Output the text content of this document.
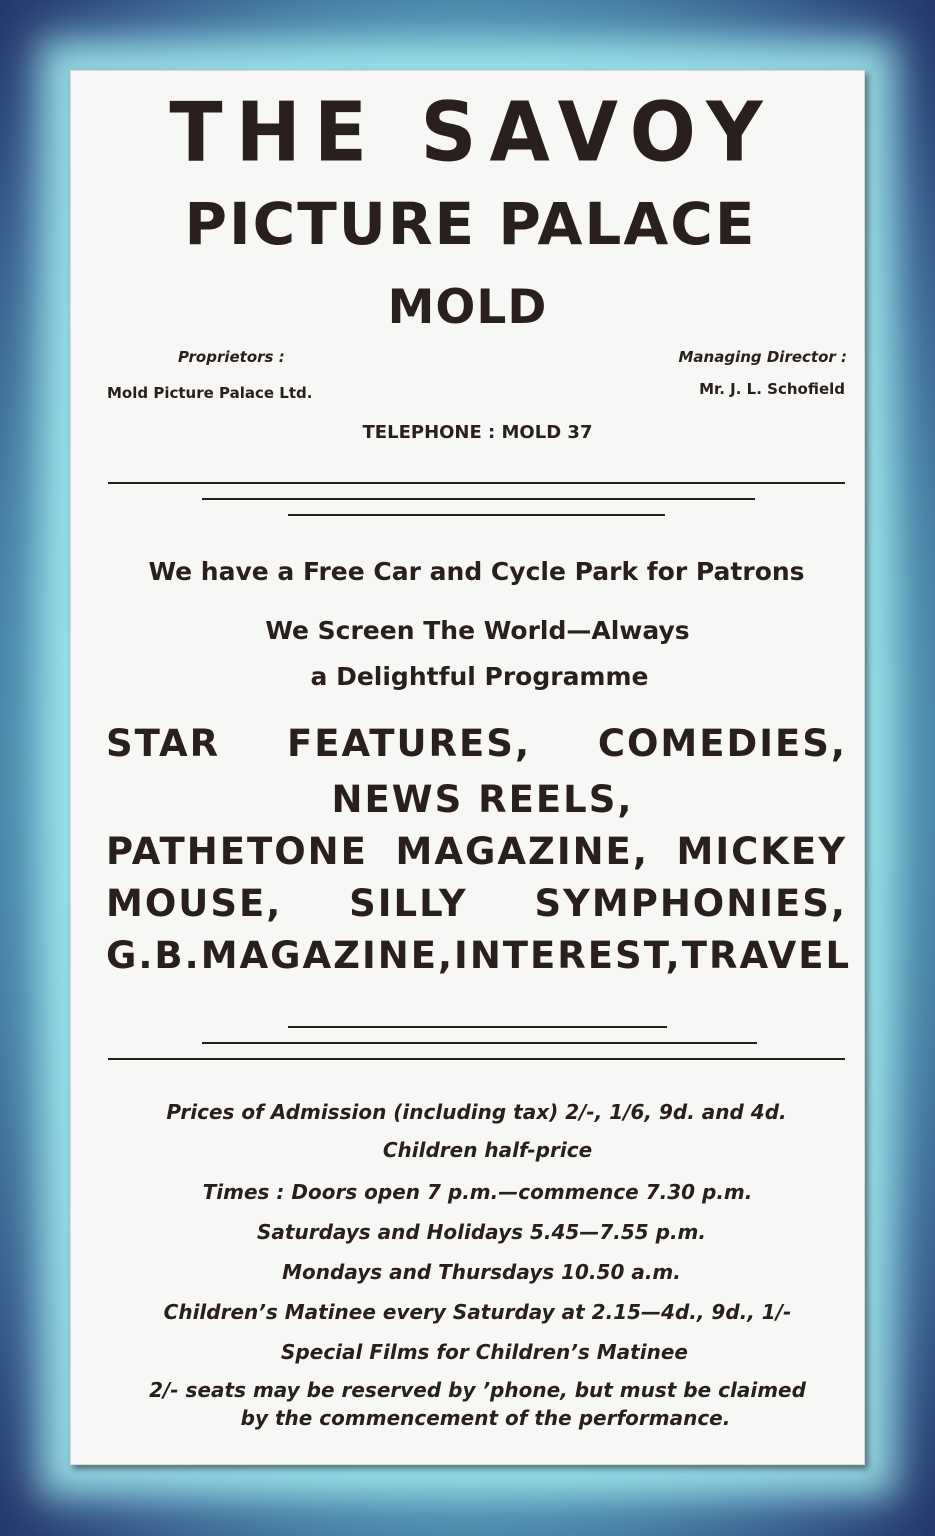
THE SAVOY
PICTURE PALACE
MOLD
Proprietors :
Mold Picture Palace Ltd.
Managing Director :
Mr. J. L. Schofield
TELEPHONE : MOLD 37
We have a Free Car and Cycle Park for Patrons
We Screen The World—Always
a Delightful Programme
STAR FEATURES, COMEDIES,
NEWS REELS,
PATHETONE MAGAZINE, MICKEY
MOUSE, SILLY SYMPHONIES,
G.B. MAGAZINE, INTEREST, TRAVEL
Prices of Admission (including tax) 2/-, 1/6, 9d. and 4d.
Children half-price
Times : Doors open 7 p.m.—commence 7.30 p.m.
Saturdays and Holidays 5.45—7.55 p.m.
Mondays and Thursdays 10.50 a.m.
Children’s Matinee every Saturday at 2.15—4d., 9d., 1/-
Special Films for Children’s Matinee
2/- seats may be reserved by ’phone, but must be claimed
by the commencement of the performance.
